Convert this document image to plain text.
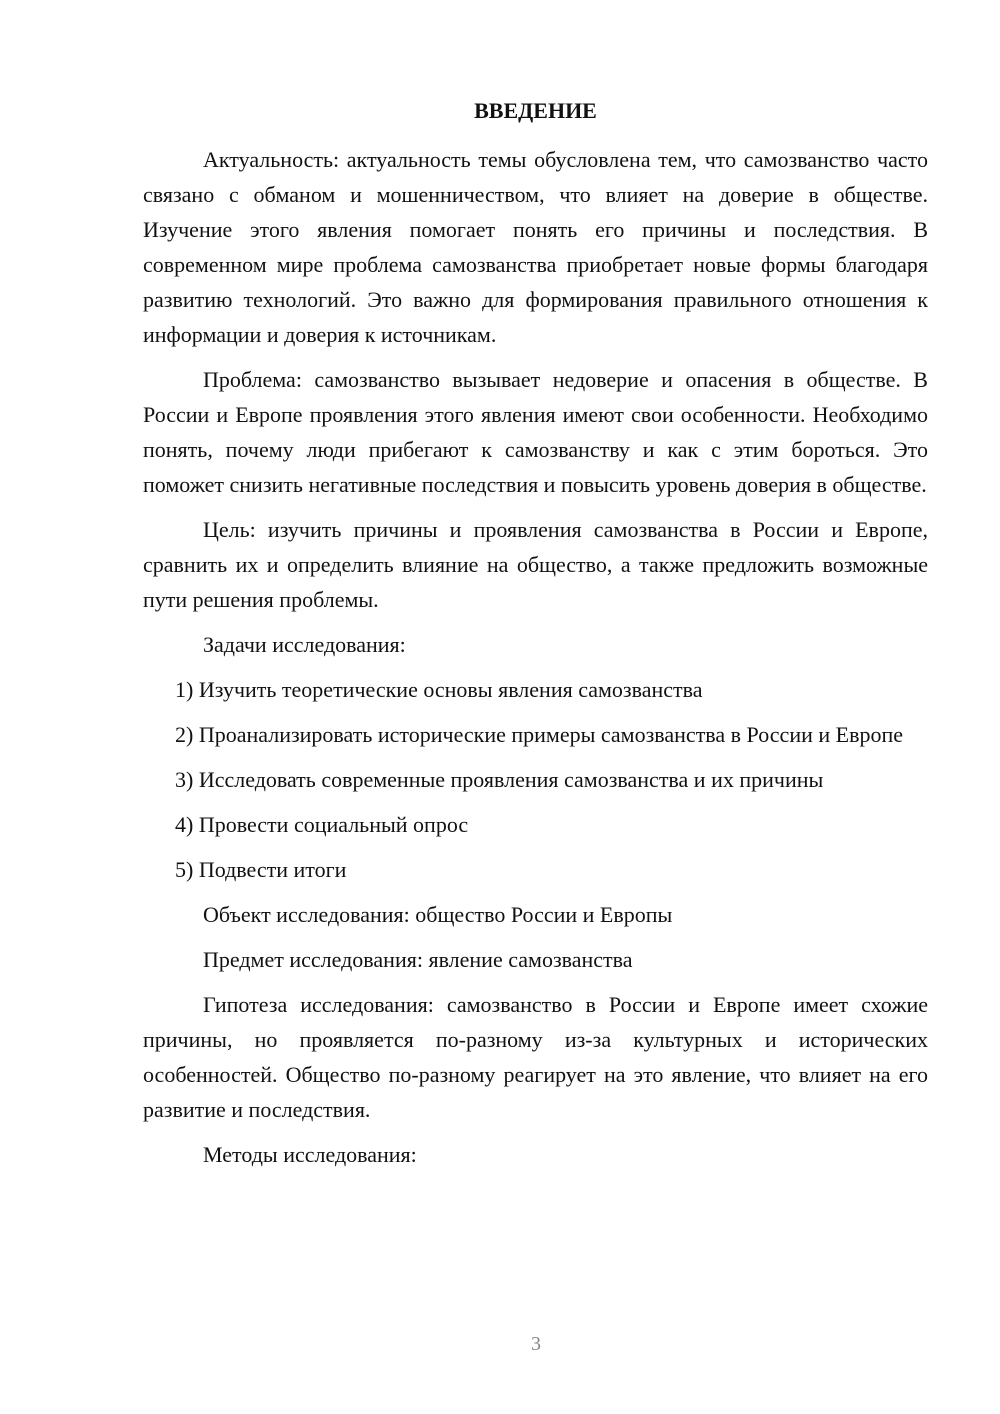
ВВЕДЕНИЕ

Актуальность: актуальность темы обусловлена тем, что самозванство часто связано с обманом и мошенничеством, что влияет на доверие в обществе. Изучение этого явления помогает понять его причины и последствия. В современном мире проблема самозванства приобретает новые формы благодаря развитию технологий. Это важно для формирования правильного отношения к информации и доверия к источникам.

Проблема: самозванство вызывает недоверие и опасения в обществе. В России и Европе проявления этого явления имеют свои особенности. Необходимо понять, почему люди прибегают к самозванству и как с этим бороться. Это поможет снизить негативные последствия и повысить уровень доверия в обществе.

Цель: изучить причины и проявления самозванства в России и Европе, сравнить их и определить влияние на общество, а также предложить возможные пути решения проблемы.

Задачи исследования:

1) Изучить теоретические основы явления самозванства

2) Проанализировать исторические примеры самозванства в России и Европе

3) Исследовать современные проявления самозванства и их причины

4) Провести социальный опрос

5) Подвести итоги

Объект исследования: общество России и Европы

Предмет исследования: явление самозванства

Гипотеза исследования: самозванство в России и Европе имеет схожие причины, но проявляется по-разному из-за культурных и исторических особенностей. Общество по-разному реагирует на это явление, что влияет на его развитие и последствия.

Методы исследования:

3
